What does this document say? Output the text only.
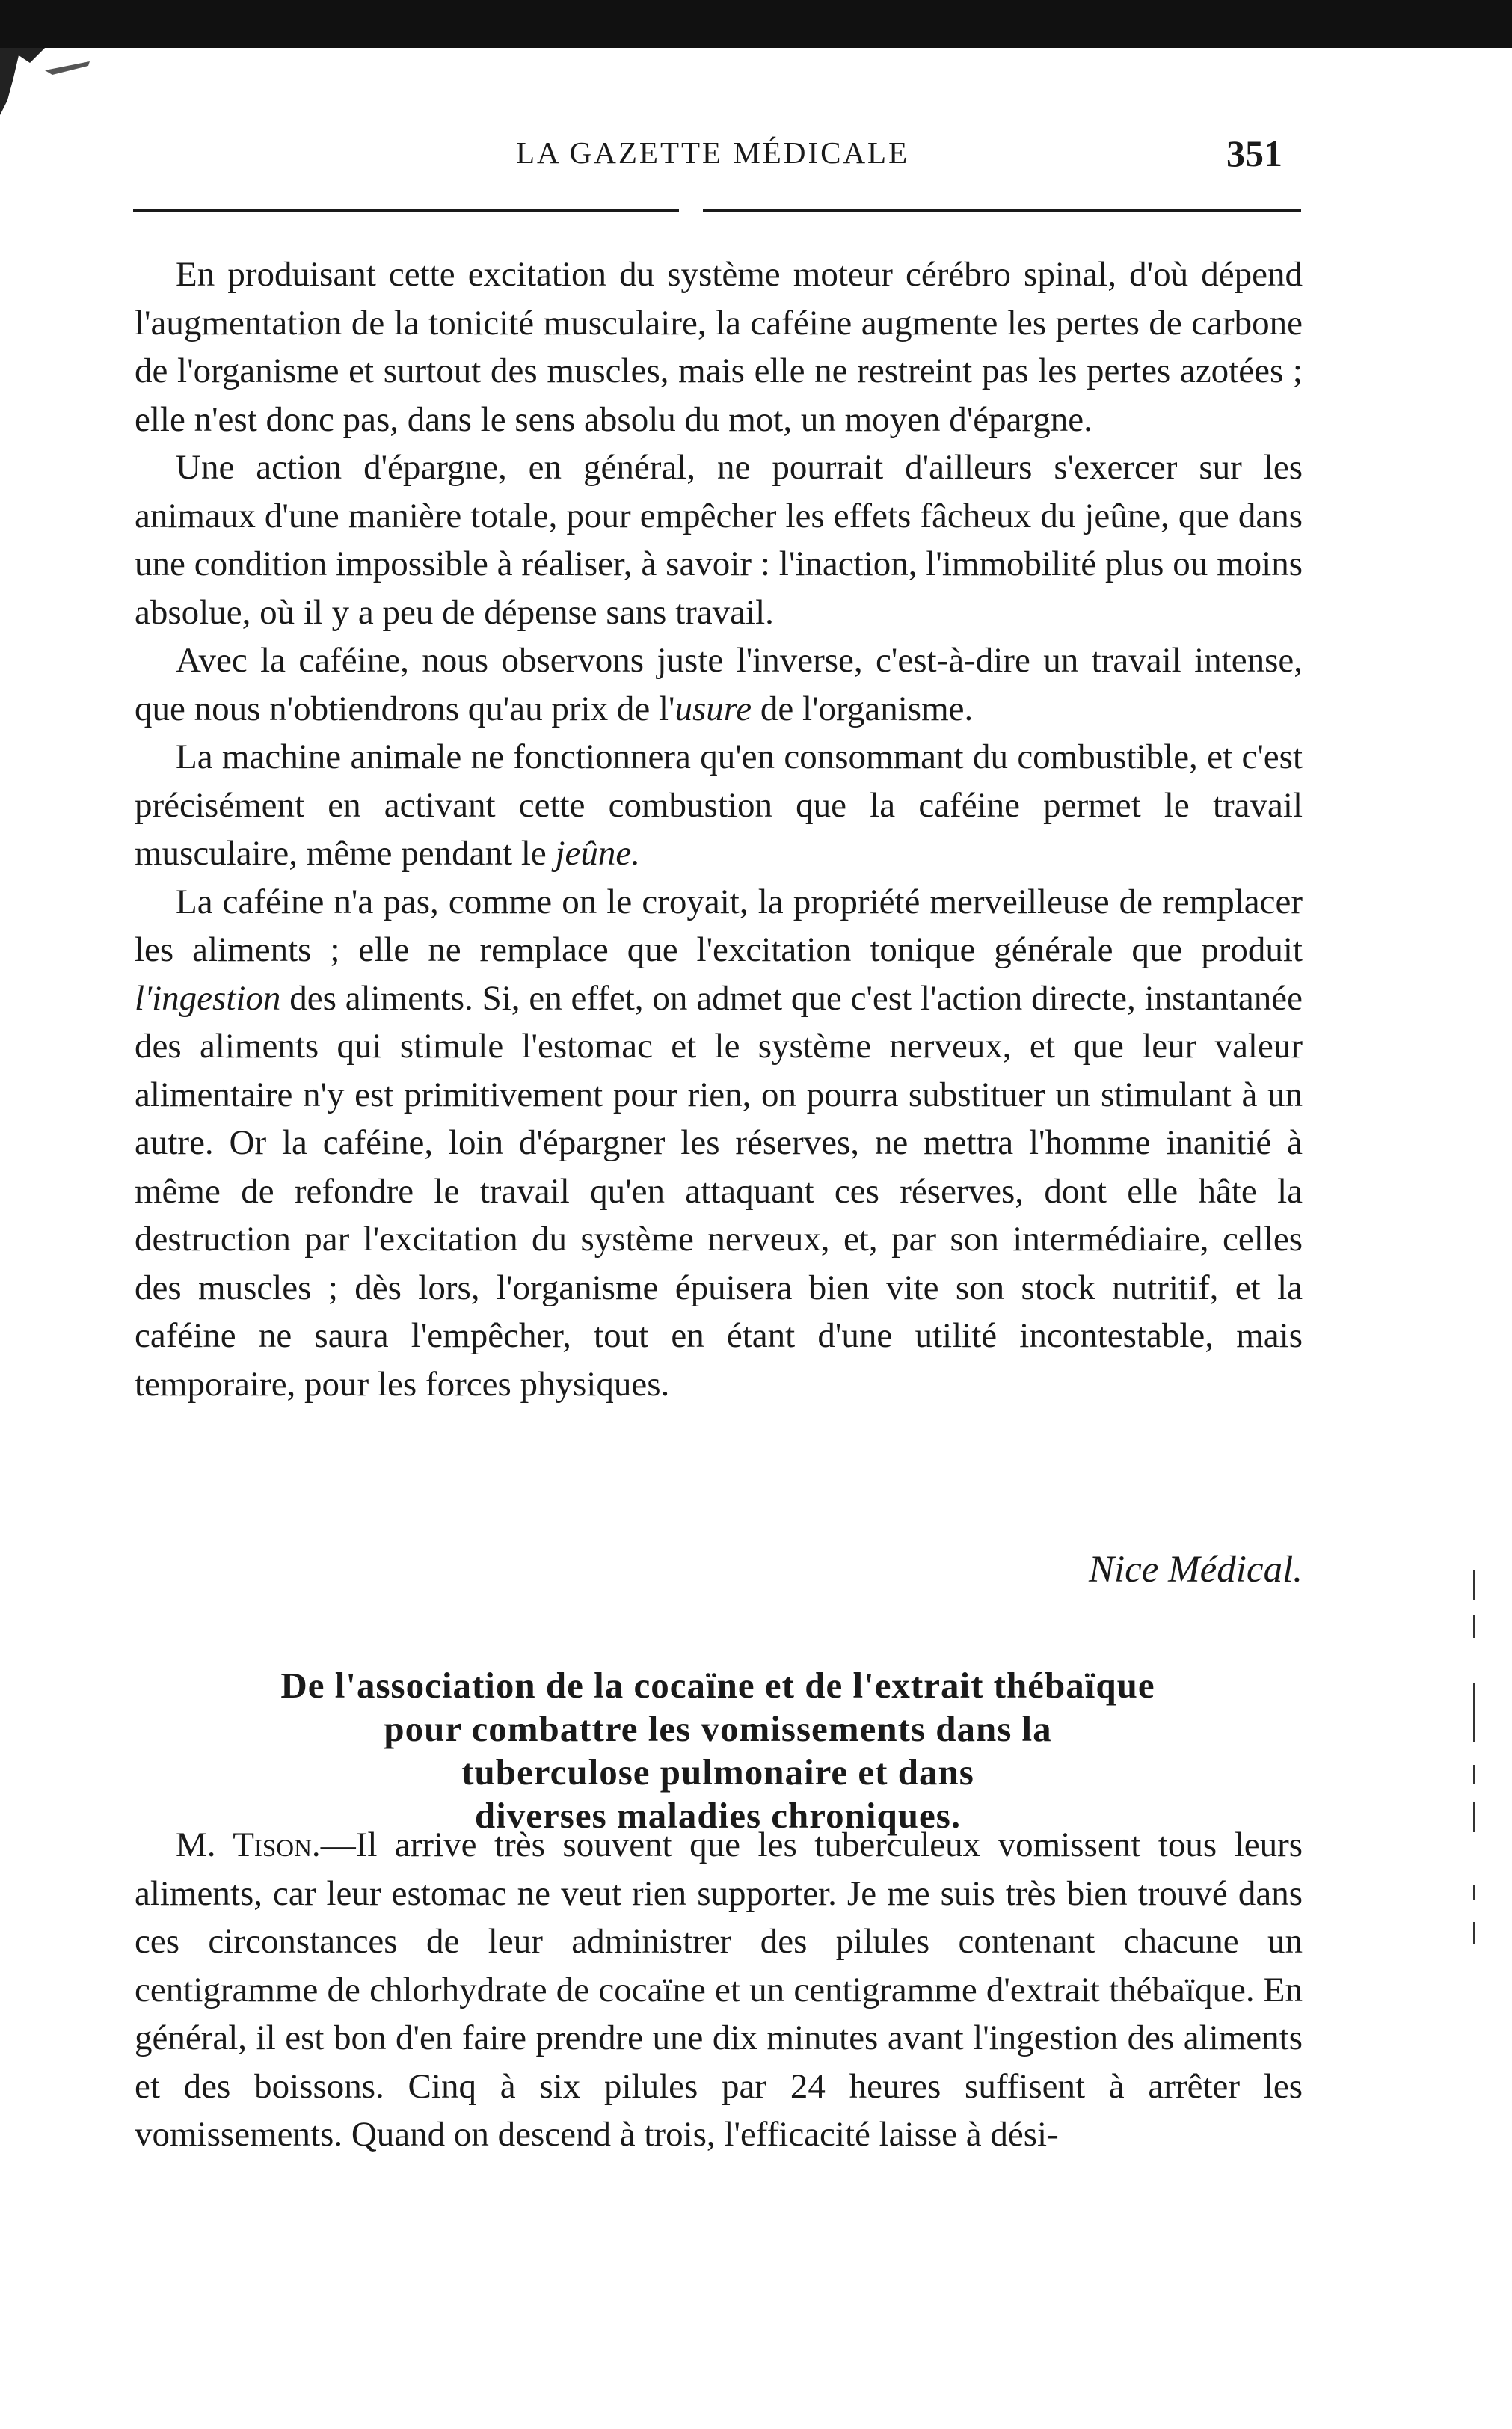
LA GAZETTE MÉDICALE	351

En produisant cette excitation du système moteur cérébro spinal, d'où dépend l'augmentation de la tonicité musculaire, la caféine augmente les pertes de carbone de l'organisme et surtout des muscles, mais elle ne restreint pas les pertes azotées ; elle n'est donc pas, dans le sens absolu du mot, un moyen d'épargne.

Une action d'épargne, en général, ne pourrait d'ailleurs s'exercer sur les animaux d'une manière totale, pour empêcher les effets fâcheux du jeûne, que dans une condition impossible à réaliser, à savoir : l'inaction, l'immobilité plus ou moins absolue, où il y a peu de dépense sans travail.

Avec la caféine, nous observons juste l'inverse, c'est-à-dire un travail intense, que nous n'obtiendrons qu'au prix de l'usure de l'organisme.

La machine animale ne fonctionnera qu'en consommant du combustible, et c'est précisément en activant cette combustion que la caféine permet le travail musculaire, même pendant le jeûne.

La caféine n'a pas, comme on le croyait, la propriété merveilleuse de remplacer les aliments ; elle ne remplace que l'excitation tonique générale que produit l'ingestion des aliments. Si, en effet, on admet que c'est l'action directe, instantanée des aliments qui stimule l'estomac et le système nerveux, et que leur valeur alimentaire n'y est primitivement pour rien, on pourra substituer un stimulant à un autre. Or la caféine, loin d'épargner les réserves, ne mettra l'homme inanitié à même de refondre le travail qu'en attaquant ces réserves, dont elle hâte la destruction par l'excitation du système nerveux, et, par son intermédiaire, celles des muscles ; dès lors, l'organisme épuisera bien vite son stock nutritif, et la caféine ne saura l'empêcher, tout en étant d'une utilité incontestable, mais temporaire, pour les forces physiques.

Nice Médical.
De l'association de la cocaïne et de l'extrait thébaïque
pour combattre les vomissements dans la
tuberculose pulmonaire et dans
diverses maladies chroniques.

M. Tison.—Il arrive très souvent que les tuberculeux vomissent tous leurs aliments, car leur estomac ne veut rien supporter. Je me suis très bien trouvé dans ces circonstances de leur administrer des pilules contenant chacune un centigramme de chlorhydrate de cocaïne et un centigramme d'extrait thébaïque. En général, il est bon d'en faire prendre une dix minutes avant l'ingestion des aliments et des boissons. Cinq à six pilules par 24 heures suffisent à arrêter les vomissements. Quand on descend à trois, l'efficacité laisse à dési-
